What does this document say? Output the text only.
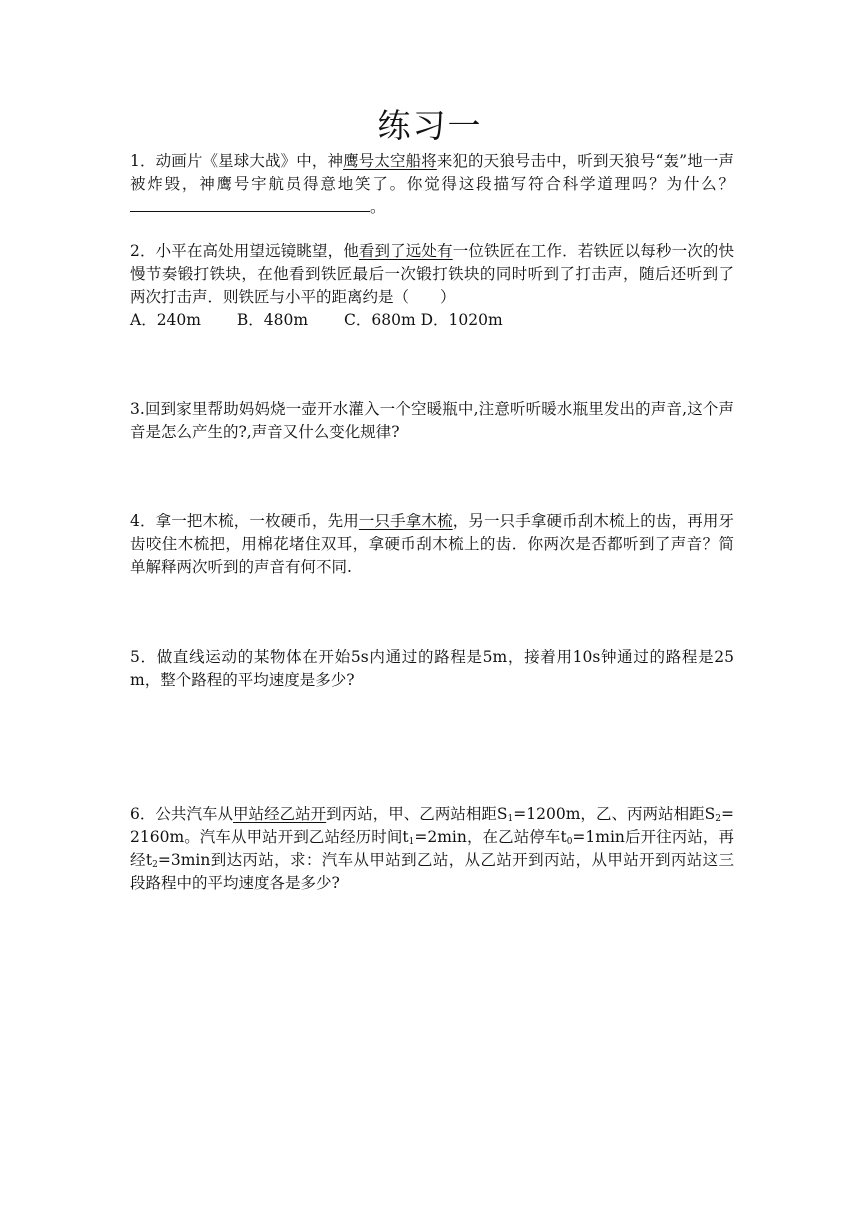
练习一
1．动画片《星球大战》中，神鹰号太空船将来犯的天狼号击中，听到天狼号“轰”地一声被炸毁，神鹰号宇航员得意地笑了。你觉得这段描写符合科学道理吗？为什么？。
2．小平在高处用望远镜眺望，他看到了远处有一位铁匠在工作．若铁匠以每秒一次的快慢节奏锻打铁块，在他看到铁匠最后一次锻打铁块的同时听到了打击声，随后还听到了两次打击声．则铁匠与小平的距离约是（　　）
A．240m　　 B．480m　　 C．680m D．1020m
3.回到家里帮助妈妈烧一壶开水灌入一个空暖瓶中,注意听听暖水瓶里发出的声音,这个声音是怎么产生的?,声音又什么变化规律?
4．拿一把木梳，一枚硬币，先用一只手拿木梳，另一只手拿硬币刮木梳上的齿，再用牙齿咬住木梳把，用棉花堵住双耳，拿硬币刮木梳上的齿．你两次是否都听到了声音？简单解释两次听到的声音有何不同.
5．做直线运动的某物体在开始5s内通过的路程是5m，接着用10s钟通过的路程是25m，整个路程的平均速度是多少?
6．公共汽车从甲站经乙站开到丙站，甲、乙两站相距$S_1=1200m$，乙、丙两站相距$S_2=2160m$。汽车从甲站开到乙站经历时间$t_1=2\min$，在乙站停车$t_0=1\min$后开往丙站，再经$t_2=3\min$到达丙站，求：汽车从甲站到乙站，从乙站开到丙站，从甲站开到丙站这三段路程中的平均速度各是多少?
